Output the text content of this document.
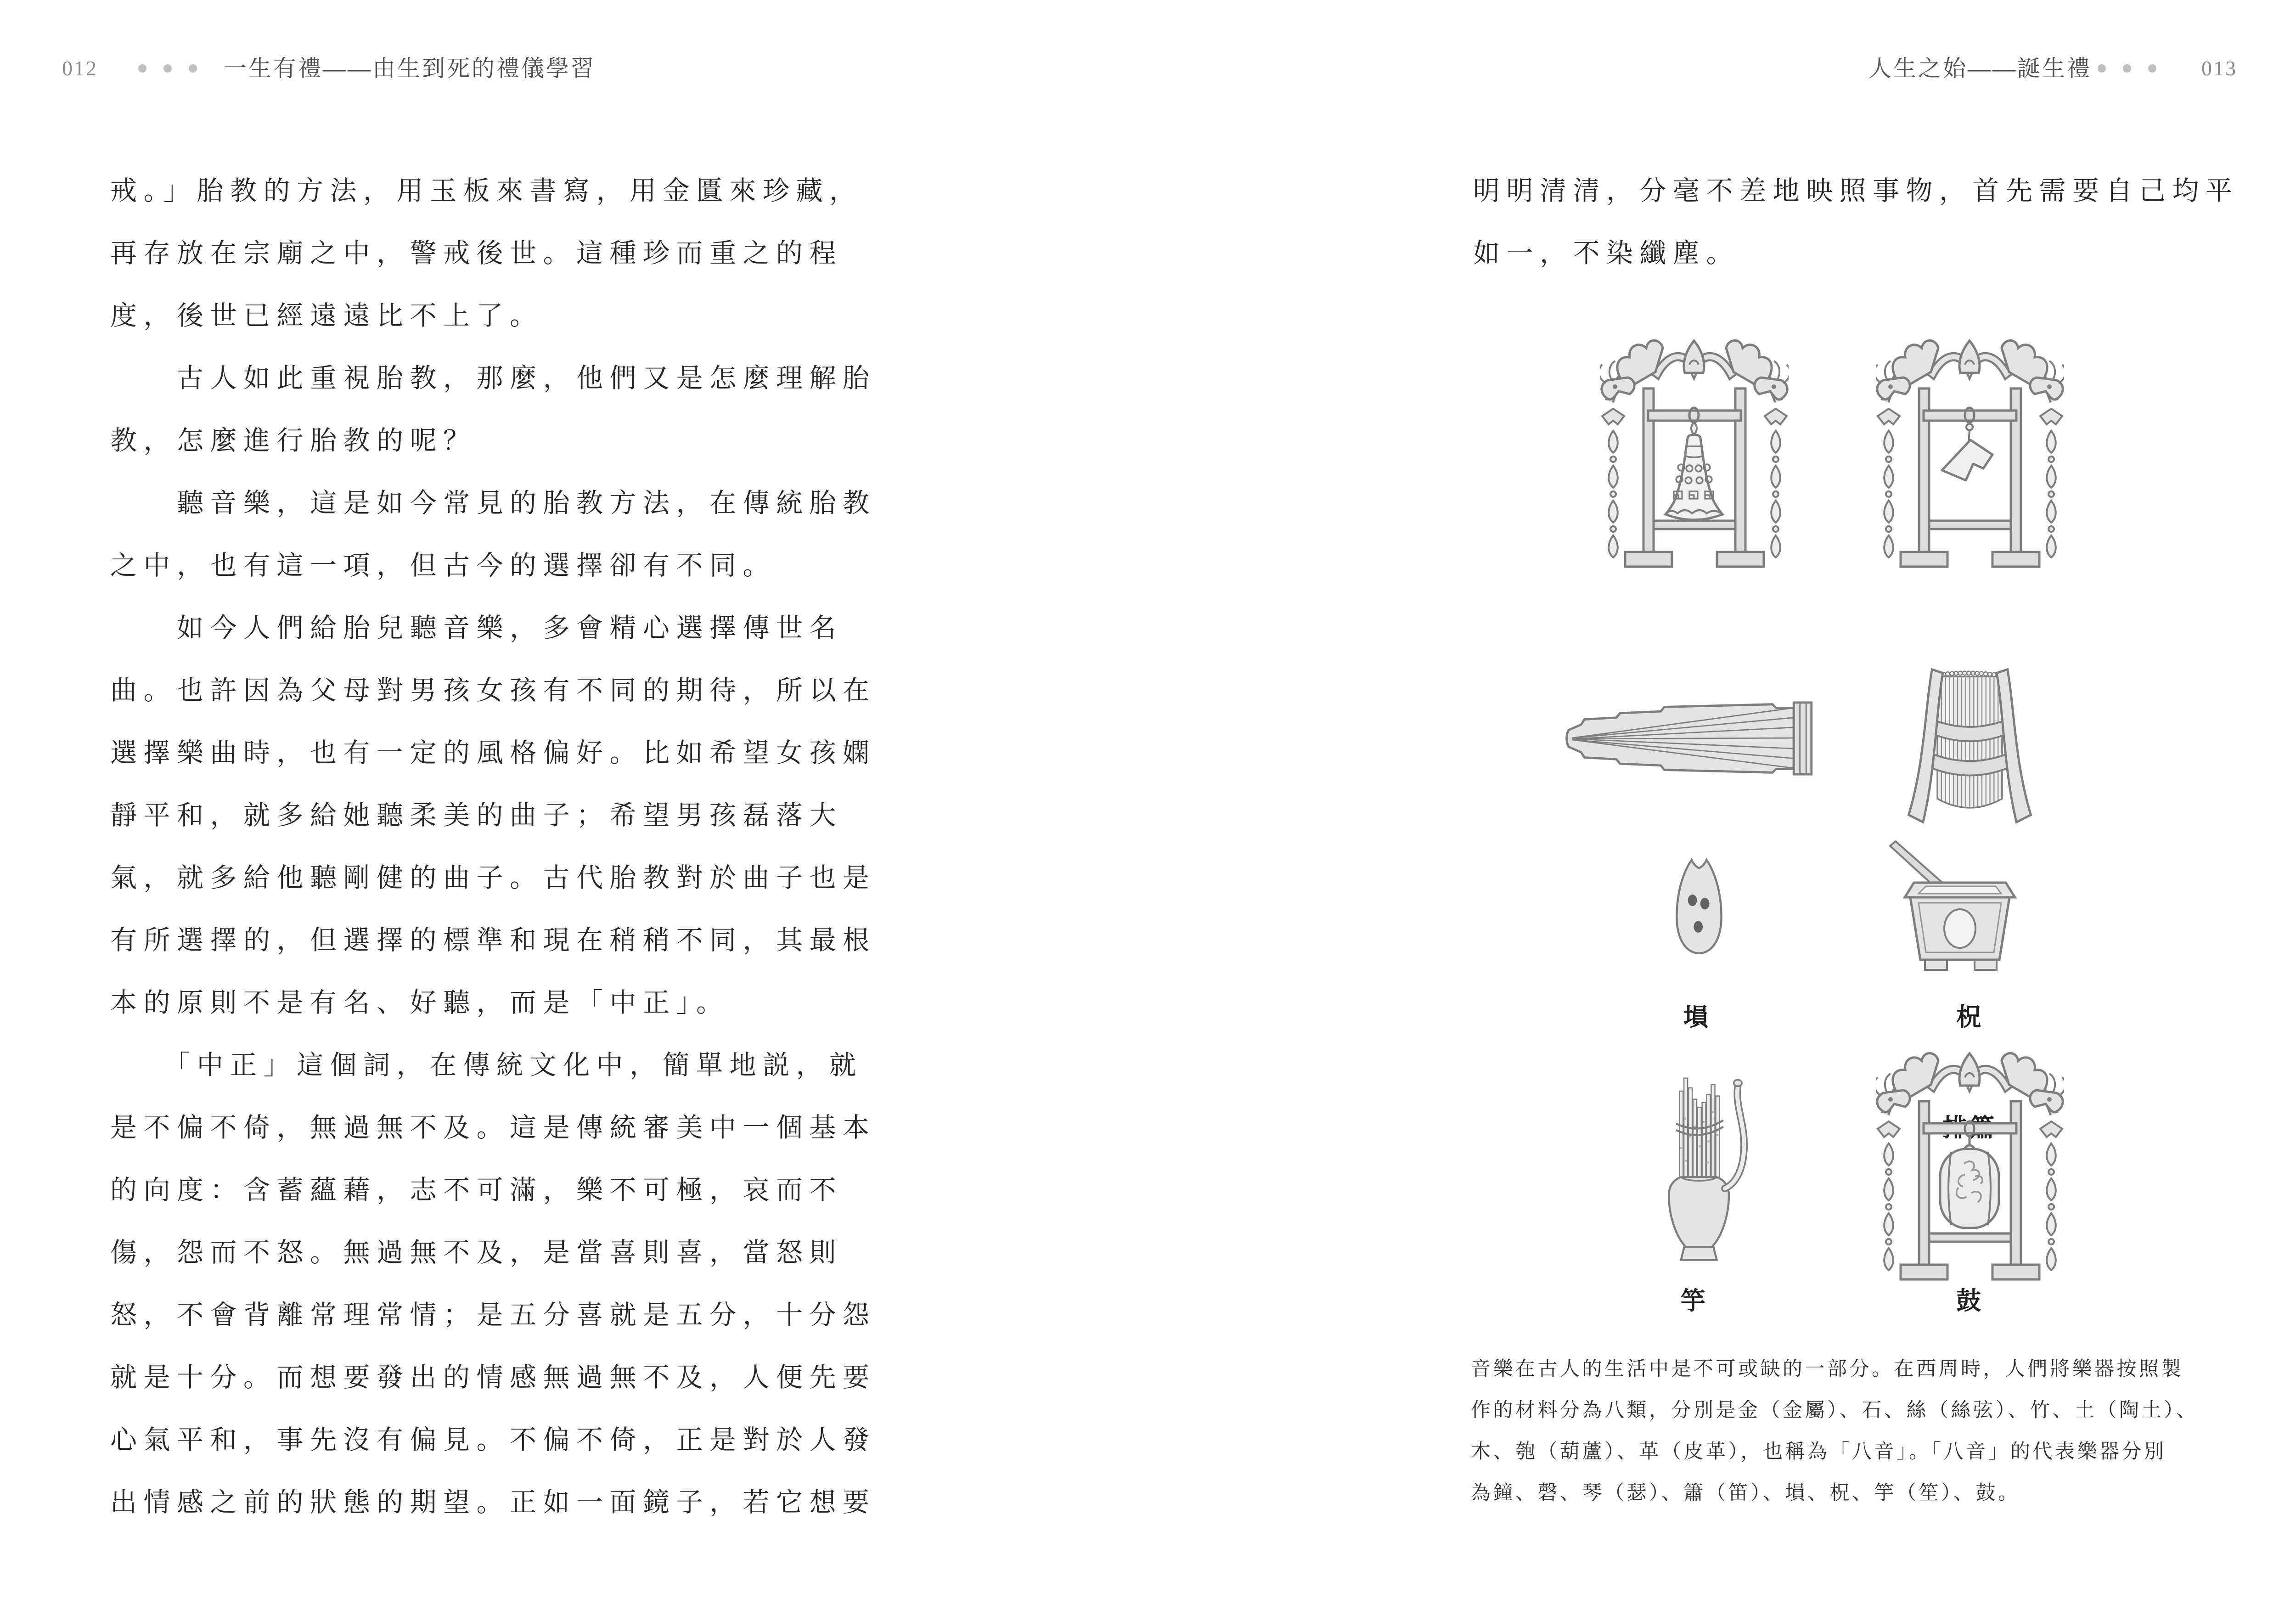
012	一生有禮——由生到死的禮儀學習	人生之始——誕生禮	013
戒。」胎教的方法，用玉板來書寫，用金匱來珍藏，
再存放在宗廟之中，警戒後世。這種珍而重之的程
度，後世已經遠遠比不上了。
　　古人如此重視胎教，那麼，他們又是怎麼理解胎
教，怎麼進行胎教的呢？
　　聽音樂，這是如今常見的胎教方法，在傳統胎教
之中，也有這一項，但古今的選擇卻有不同。
　　如今人們給胎兒聽音樂，多會精心選擇傳世名
曲。也許因為父母對男孩女孩有不同的期待，所以在
選擇樂曲時，也有一定的風格偏好。比如希望女孩嫻
靜平和，就多給她聽柔美的曲子；希望男孩磊落大
氣，就多給他聽剛健的曲子。古代胎教對於曲子也是
有所選擇的，但選擇的標準和現在稍稍不同，其最根
本的原則不是有名、好聽，而是「中正」。
　　「中正」這個詞，在傳統文化中，簡單地説，就
是不偏不倚，無過無不及。這是傳統審美中一個基本
的向度：含蓄蘊藉，志不可滿，樂不可極，哀而不
傷，怨而不怒。無過無不及，是當喜則喜，當怒則
怒，不會背離常理常情；是五分喜就是五分，十分怨
就是十分。而想要發出的情感無過無不及，人便先要
心氣平和，事先沒有偏見。不偏不倚，正是對於人發
出情感之前的狀態的期望。正如一面鏡子，若它想要
明明清清，分毫不差地映照事物，首先需要自己均平
如一，不染纖塵。
塤	柷
竽	鼓
音樂在古人的生活中是不可或缺的一部分。在西周時，人們將樂器按照製
作的材料分為八類，分別是金（金屬）、石、絲（絲弦）、竹、土（陶土）、
木、匏（葫蘆）、革（皮革），也稱為「八音」。「八音」的代表樂器分別
為鐘、磬、琴（瑟）、簫（笛）、塤、柷、竽（笙）、鼓。
